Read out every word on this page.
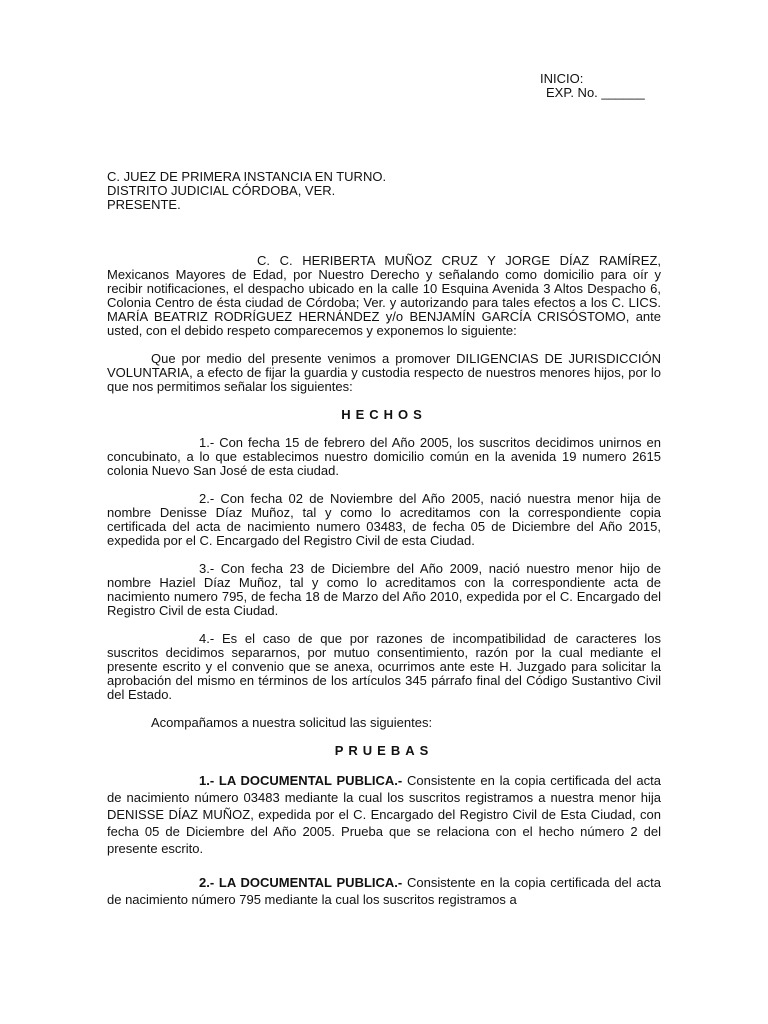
INICIO:
EXP. No. ______
C. JUEZ DE PRIMERA INSTANCIA EN TURNO.
DISTRITO JUDICIAL CÓRDOBA, VER.
PRESENTE.

C. C. HERIBERTA MUÑOZ CRUZ Y JORGE DÍAZ RAMÍREZ, Mexicanos Mayores de Edad, por Nuestro Derecho y señalando como domicilio para oír y recibir notificaciones, el despacho ubicado en la calle 10 Esquina Avenida 3 Altos Despacho 6, Colonia Centro de ésta ciudad de Córdoba; Ver. y autorizando para tales efectos a los C. LICS. MARÍA BEATRIZ RODRÍGUEZ HERNÁNDEZ y/o BENJAMÍN GARCÍA CRISÓSTOMO, ante usted, con el debido respeto comparecemos y exponemos lo siguiente:

Que por medio del presente venimos a promover DILIGENCIAS DE JURISDICCIÓN VOLUNTARIA, a efecto de fijar la guardia y custodia respecto de nuestros menores hijos, por lo que nos permitimos señalar los siguientes:

HECHOS

1.- Con fecha 15 de febrero del Año 2005, los suscritos decidimos unirnos en concubinato, a lo que establecimos nuestro domicilio común en la avenida 19 numero 2615 colonia Nuevo San José de esta ciudad.

2.- Con fecha 02 de Noviembre del Año 2005, nació nuestra menor hija de nombre Denisse Díaz Muñoz, tal y como lo acreditamos con la correspondiente copia certificada del acta de nacimiento numero 03483, de fecha 05 de Diciembre del Año 2015, expedida por el C. Encargado del Registro Civil de esta Ciudad.

3.- Con fecha 23 de Diciembre del Año 2009, nació nuestro menor hijo de nombre Haziel Díaz Muñoz, tal y como lo acreditamos con la correspondiente acta de nacimiento numero 795, de fecha 18 de Marzo del Año 2010, expedida por el C. Encargado del Registro Civil de esta Ciudad.

4.- Es el caso de que por razones de incompatibilidad de caracteres los suscritos decidimos separarnos, por mutuo consentimiento, razón por la cual mediante el presente escrito y el convenio que se anexa, ocurrimos ante este H. Juzgado para solicitar la aprobación del mismo en términos de los artículos 345 párrafo final del Código Sustantivo Civil del Estado.

Acompañamos a nuestra solicitud las siguientes:

PRUEBAS

1.- LA DOCUMENTAL PUBLICA.- Consistente en la copia certificada del acta de nacimiento número 03483 mediante la cual los suscritos registramos a nuestra menor hija DENISSE DÍAZ MUÑOZ, expedida por el C. Encargado del Registro Civil de Esta Ciudad, con fecha 05 de Diciembre del Año 2005. Prueba que se relaciona con el hecho número 2 del presente escrito.

2.- LA DOCUMENTAL PUBLICA.- Consistente en la copia certificada del acta de nacimiento número 795 mediante la cual los suscritos registramos a
